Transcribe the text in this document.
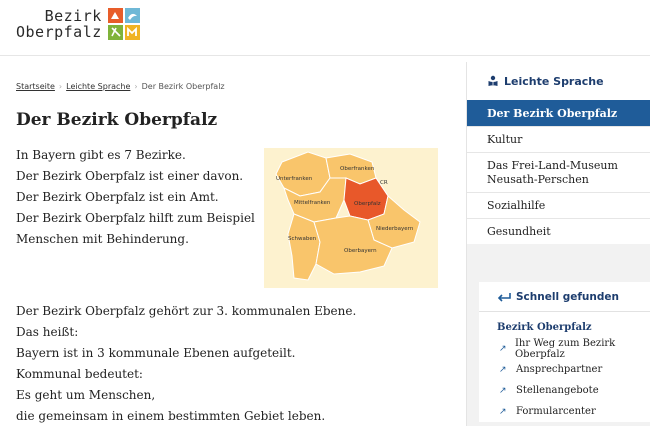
Bezirk
Oberpfalz
Startseite › Leichte Sprache › Der Bezirk Oberpfalz
Der Bezirk Oberpfalz
In Bayern gibt es 7 Bezirke.
Der Bezirk Oberpfalz ist einer davon.
Der Bezirk Oberpfalz ist ein Amt.
Der Bezirk Oberpfalz hilft zum Beispiel
Menschen mit Behinderung.
Oberfranken
Unterfranken
Mittelfranken	Oberpfalz
CR
Niederbayern
Schwaben
Oberbayern
Der Bezirk Oberpfalz gehört zur 3. kommunalen Ebene.
Das heißt:
Bayern ist in 3 kommunale Ebenen aufgeteilt.
Kommunal bedeutet:
Es geht um Menschen,
die gemeinsam in einem bestimmten Gebiet leben.
Leichte Sprache
Der Bezirk Oberpfalz
Kultur
Das Frei-Land-Museum Neusath-Perschen
Sozialhilfe
Gesundheit
Schnell gefunden
Bezirk Oberpfalz
↗ Ihr Weg zum Bezirk Oberpfalz
↗ Ansprechpartner
↗ Stellenangebote
↗ Formularcenter
